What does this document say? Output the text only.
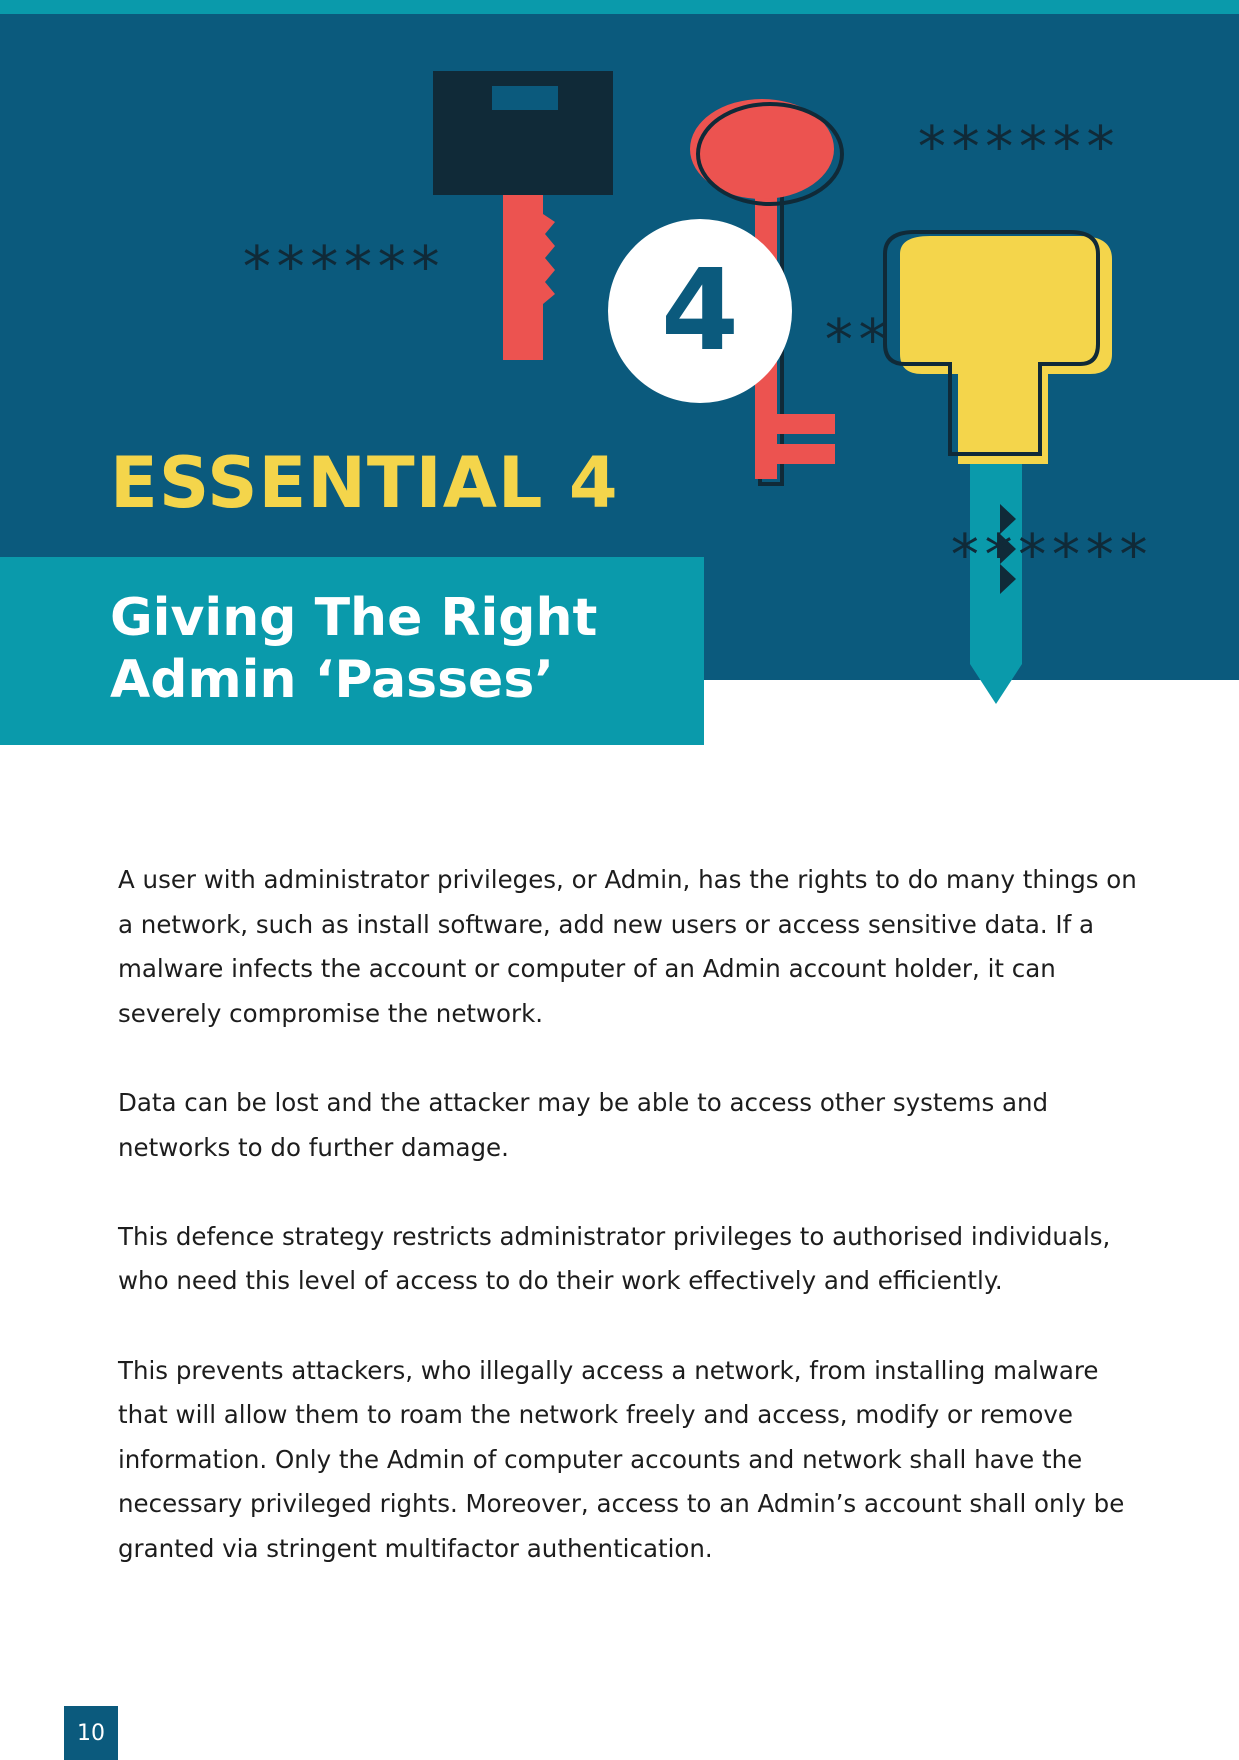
4
******
******
**
******
ESSENTIAL 4
Giving The Right
Admin ‘Passes’

A user with administrator privileges, or Admin, has the rights to do many things on a network, such as install software, add new users or access sensitive data. If a malware infects the account or computer of an Admin account holder, it can severely compromise the network.

Data can be lost and the attacker may be able to access other systems and networks to do further damage.

This defence strategy restricts administrator privileges to authorised individuals, who need this level of access to do their work effectively and efficiently.

This prevents attackers, who illegally access a network, from installing malware that will allow them to roam the network freely and access, modify or remove information. Only the Admin of computer accounts and network shall have the necessary privileged rights. Moreover, access to an Admin’s account shall only be granted via stringent multifactor authentication.

10
